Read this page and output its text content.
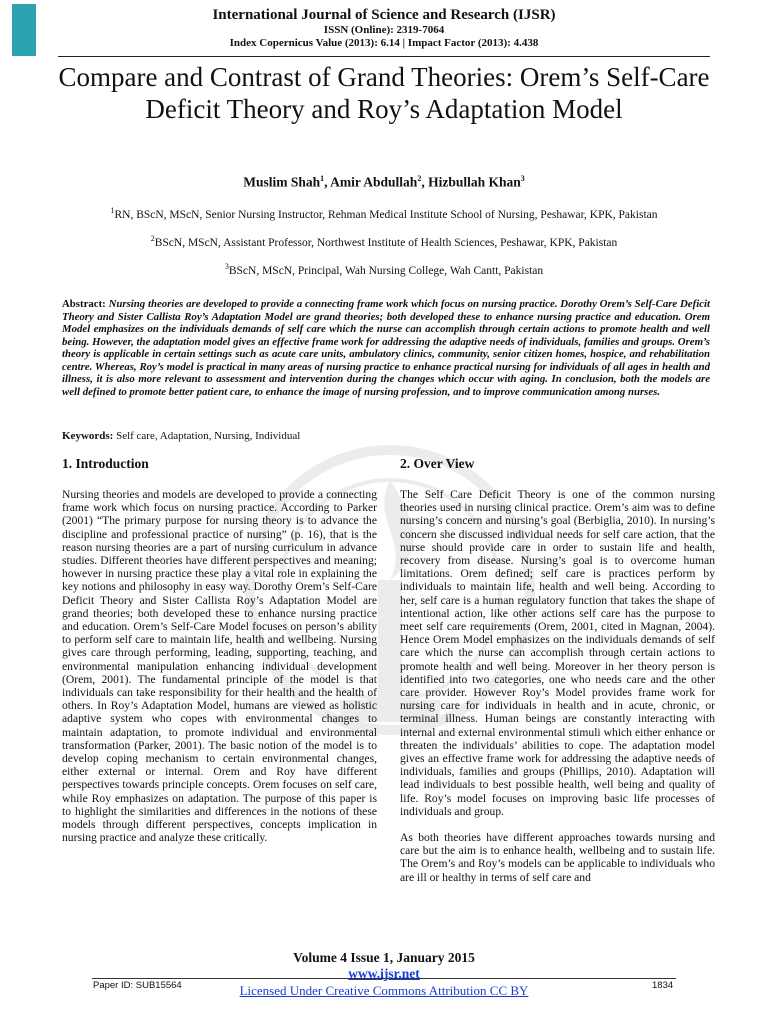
International Journal of Science and Research (IJSR)
ISSN (Online): 2319-7064
Index Copernicus Value (2013): 6.14 | Impact Factor (2013): 4.438
Compare and Contrast of Grand Theories: Orem’s Self-Care Deficit Theory and Roy’s Adaptation Model
Muslim Shah$^1$, Amir Abdullah$^2$, Hizbullah Khan$^3$
$^1$RN, BScN, MScN, Senior Nursing Instructor, Rehman Medical Institute School of Nursing, Peshawar, KPK, Pakistan
$^2$BScN, MScN, Assistant Professor, Northwest Institute of Health Sciences, Peshawar, KPK, Pakistan
$^3$BScN, MScN, Principal, Wah Nursing College, Wah Cantt, Pakistan

Abstract: Nursing theories are developed to provide a connecting frame work which focus on nursing practice. Dorothy Orem’s Self-Care Deficit Theory and Sister Callista Roy’s Adaptation Model are grand theories; both developed these to enhance nursing practice and education. Orem Model emphasizes on the individuals demands of self care which the nurse can accomplish through certain actions to promote health and well being. However, the adaptation model gives an effective frame work for addressing the adaptive needs of individuals, families and groups. Orem’s theory is applicable in certain settings such as acute care units, ambulatory clinics, community, senior citizen homes, hospice, and rehabilitation centre. Whereas, Roy’s model is practical in many areas of nursing practice to enhance practical nursing for individuals of all ages in health and illness, it is also more relevant to assessment and intervention during the changes which occur with aging. In conclusion, both the models are well defined to promote better patient care, to enhance the image of nursing profession, and to improve communication among nurses.

Keywords: Self care, Adaptation, Nursing, Individual
1. Introduction	2. Over View

Nursing theories and models are developed to provide a connecting frame work which focus on nursing practice. According to Parker (2001) “The primary purpose for nursing theory is to advance the discipline and professional practice of nursing” (p. 16), that is the reason nursing theories are a part of nursing curriculum in advance studies. Different theories have different perspectives and meaning; however in nursing practice these play a vital role in explaining the key notions and philosophy in easy way. Dorothy Orem’s Self-Care Deficit Theory and Sister Callista Roy’s Adaptation Model are grand theories; both developed these to enhance nursing practice and education. Orem’s Self-Care Model focuses on person’s ability to perform self care to maintain life, health and wellbeing. Nursing gives care through performing, leading, supporting, teaching, and environmental manipulation enhancing individual development (Orem, 2001). The fundamental principle of the model is that individuals can take responsibility for their health and the health of others. In Roy’s Adaptation Model, humans are viewed as holistic adaptive system who copes with environmental changes to maintain adaptation, to promote individual and environmental transformation (Parker, 2001). The basic notion of the model is to develop coping mechanism to certain environmental changes, either external or internal. Orem and Roy have different perspectives towards principle concepts. Orem focuses on self care, while Roy emphasizes on adaptation. The purpose of this paper is to highlight the similarities and differences in the notions of these models through different perspectives, concepts implication in nursing practice and analyze these critically.

The Self Care Deficit Theory is one of the common nursing theories used in nursing clinical practice. Orem’s aim was to define nursing’s concern and nursing’s goal (Berbiglia, 2010). In nursing’s concern she discussed individual needs for self care action, that the nurse should provide care in order to sustain life and health, recovery from disease. Nursing’s goal is to overcome human limitations. Orem defined; self care is practices perform by individuals to maintain life, health and well being. According to her, self care is a human regulatory function that takes the shape of intentional action, like other actions self care has the purpose to meet self care requirements (Orem, 2001, cited in Magnan, 2004). Hence Orem Model emphasizes on the individuals demands of self care which the nurse can accomplish through certain actions to promote health and well being. Moreover in her theory person is identified into two categories, one who needs care and the other care provider. However Roy’s Model provides frame work for nursing care for individuals in health and in acute, chronic, or terminal illness. Human beings are constantly interacting with internal and external environmental stimuli which either enhance or threaten the individuals’ abilities to cope. The adaptation model gives an effective frame work for addressing the adaptive needs of individuals, families and groups (Phillips, 2010). Adaptation will lead individuals to best possible health, well being and quality of life. Roy’s model focuses on improving basic life processes of individuals and group.

As both theories have different approaches towards nursing and care but the aim is to enhance health, wellbeing and to sustain life. The Orem’s and Roy’s models can be applicable to individuals who are ill or healthy in terms of self care and

Volume 4 Issue 1, January 2015
www.ijsr.net
Licensed Under Creative Commons Attribution CC BY
Paper ID: SUB15564	1834
